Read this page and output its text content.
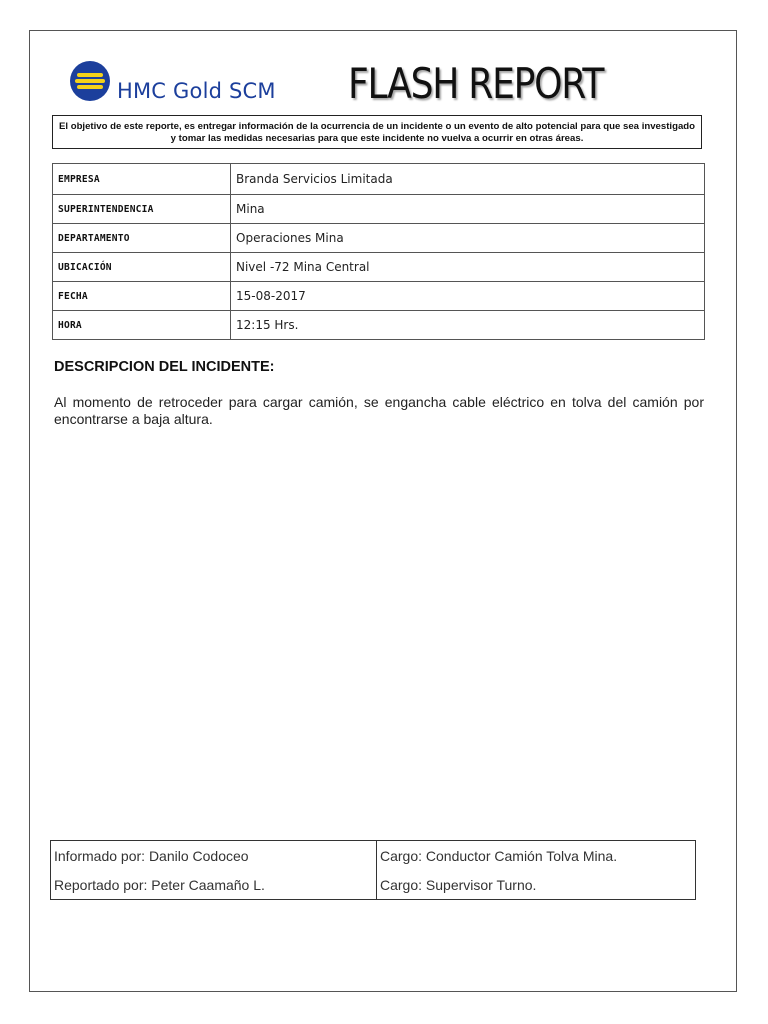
HMC Gold SCM FLASH REPORT
El objetivo de este reporte, es entregar información de la ocurrencia de un incidente o un evento de alto potencial para que sea investigado y tomar las medidas necesarias para que este incidente no vuelva a ocurrir en otras áreas.
EMPRESA	Branda Servicios Limitada
SUPERINTENDENCIA	Mina
DEPARTAMENTO	Operaciones Mina
UBICACIÓN	Nivel -72 Mina Central
FECHA	15-08-2017
HORA	12:15 Hrs.
DESCRIPCION DEL INCIDENTE:
Al momento de retroceder para cargar camión, se engancha cable eléctrico en tolva del camión por encontrarse a baja altura.
Informado por: Danilo Codoceo	Cargo: Conductor Camión Tolva Mina.
Reportado por: Peter Caamaño L.	Cargo: Supervisor Turno.
